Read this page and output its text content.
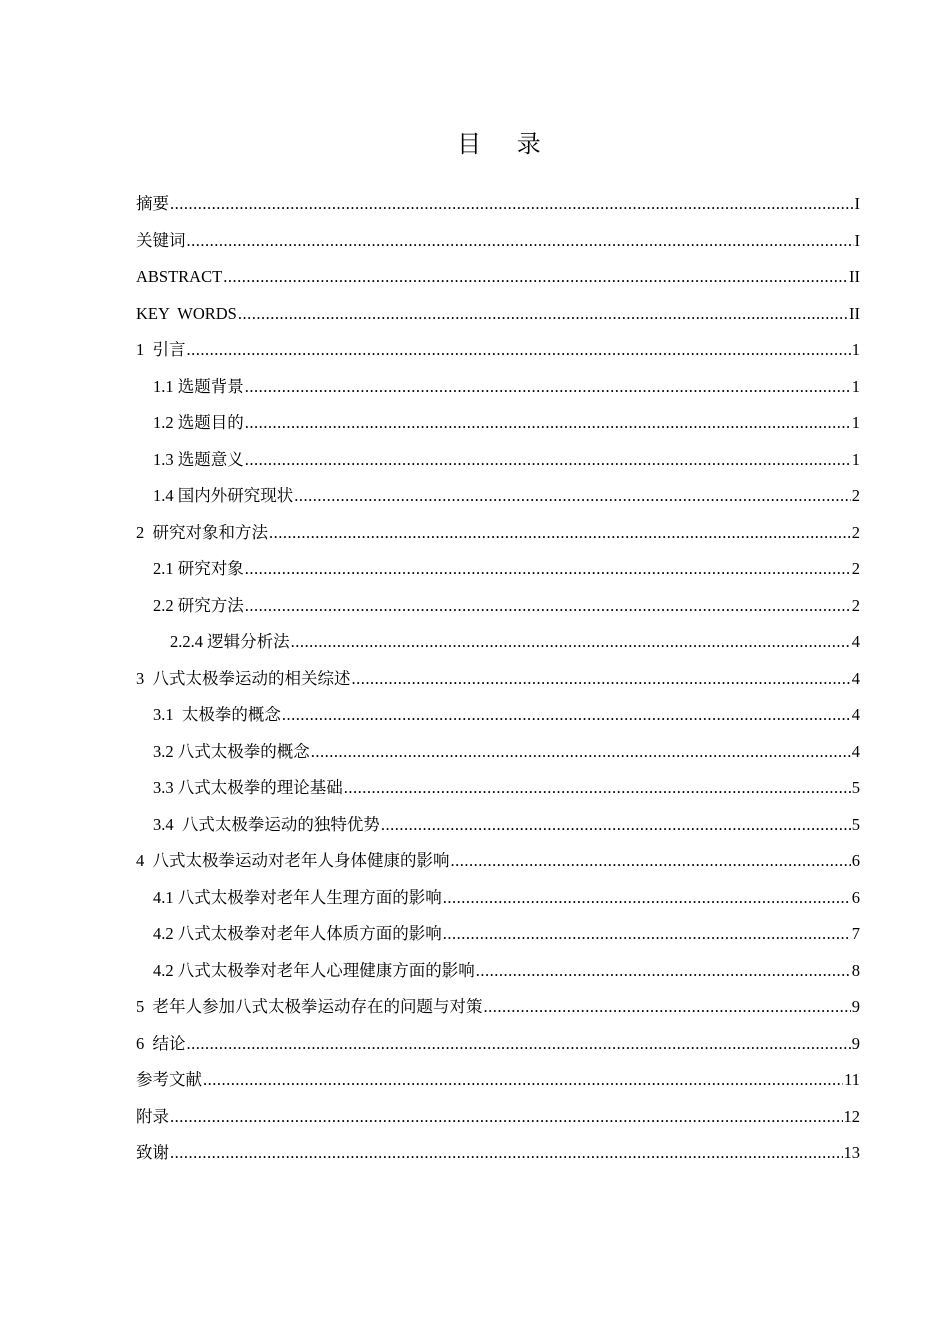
目 录
摘要 .....	I
关键词 .....	I
ABSTRACT .....	II
KEY  WORDS .....	II
1  引言 .....	1
1.1 选题背景 .....	1
1.2 选题目的 .....	1
1.3 选题意义 .....	1
1.4 国内外研究现状 .....	2
2  研究对象和方法 .....	2
2.1 研究对象 .....	2
2.2 研究方法 .....	2
2.2.4 逻辑分析法 .....	4
3  八式太极拳运动的相关综述 .....	4
3.1  太极拳的概念 .....	4
3.2 八式太极拳的概念 .....	4
3.3 八式太极拳的理论基础 .....	5
3.4  八式太极拳运动的独特优势 .....	5
4  八式太极拳运动对老年人身体健康的影响 .....	6
4.1 八式太极拳对老年人生理方面的影响 .....	6
4.2 八式太极拳对老年人体质方面的影响 .....	7
4.2 八式太极拳对老年人心理健康方面的影响 .....	8
5  老年人参加八式太极拳运动存在的问题与对策 .....	9
6  结论 .....	9
参考文献 .....	11
附录 .....	12
致谢 .....	13
